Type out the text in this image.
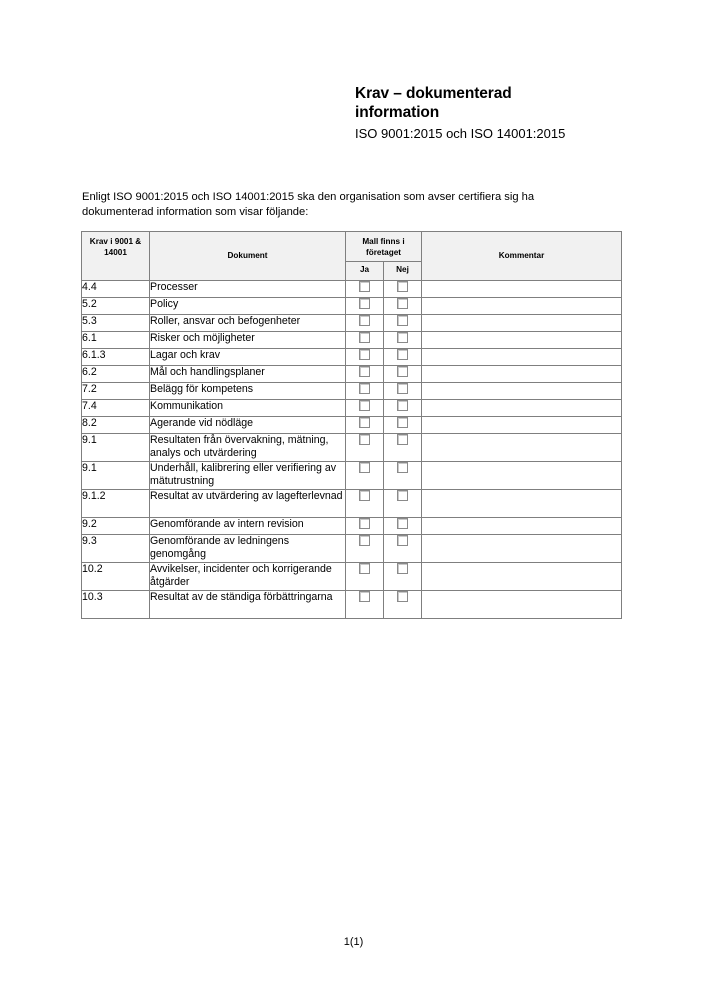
Krav – dokumenterad
information
ISO 9001:2015 och ISO 14001:2015

Enligt ISO 9001:2015 och ISO 14001:2015 ska den organisation som avser certifiera sig ha

dokumenterad information som visar följande:

Krav i 9001 & 14001	Dokument	Mall finns i företaget		Kommentar
		Ja	Nej	
4.4	Processer			
5.2	Policy			
5.3	Roller, ansvar och befogenheter			
6.1	Risker och möjligheter			
6.1.3	Lagar och krav			
6.2	Mål och handlingsplaner			
7.2	Belägg för kompetens			
7.4	Kommunikation			
8.2	Agerande vid nödläge			
9.1	Resultaten från övervakning, mätning, analys och utvärdering			
9.1	Underhåll, kalibrering eller verifiering av mätutrustning			
9.1.2	Resultat av utvärdering av lagefterlevnad			
9.2	Genomförande av intern revision			
9.3	Genomförande av ledningens genomgång			
10.2	Avvikelser, incidenter och korrigerande åtgärder			
10.3	Resultat av de ständiga förbättringarna			
1(1)
